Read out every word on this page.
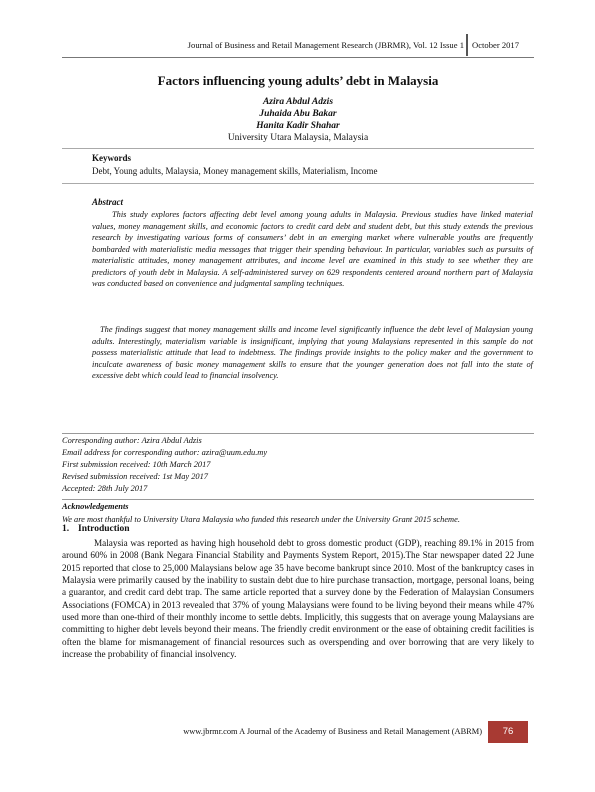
Journal of Business and Retail Management Research (JBRMR), Vol. 12 Issue 1 October 2017
Factors influencing young adults’ debt in Malaysia
Azira Abdul Adzis
Juhaida Abu Bakar
Hanita Kadir Shahar
University Utara Malaysia, Malaysia
Keywords
Debt, Young adults, Malaysia, Money management skills, Materialism, Income
Abstract
This study explores factors affecting debt level among young adults in Malaysia. Previous studies have linked material values, money management skills, and economic factors to credit card debt and student debt, but this study extends the previous research by investigating various forms of consumers’ debt in an emerging market where vulnerable youths are frequently bombarded with materialistic media messages that trigger their spending behaviour. In particular, variables such as pursuits of materialistic attitudes, money management attributes, and income level are examined in this study to see whether they are predictors of youth debt in Malaysia. A self-administered survey on 629 respondents centered around northern part of Malaysia was conducted based on convenience and judgmental sampling techniques.
The findings suggest that money management skills and income level significantly influence the debt level of Malaysian young adults. Interestingly, materialism variable is insignificant, implying that young Malaysians represented in this sample do not possess materialistic attitude that lead to indebtness. The findings provide insights to the policy maker and the government to inculcate awareness of basic money management skills to ensure that the younger generation does not fall into the state of excessive debt which could lead to financial insolvency.
Corresponding author: Azira Abdul Adzis
Email address for corresponding author: azira@uum.edu.my
First submission received: 10th March 2017
Revised submission received: 1st May 2017
Accepted: 28th July 2017
Acknowledgements
We are most thankful to University Utara Malaysia who funded this research under the University Grant 2015 scheme.
1. Introduction
Malaysia was reported as having high household debt to gross domestic product (GDP), reaching 89.1% in 2015 from around 60% in 2008 (Bank Negara Financial Stability and Payments System Report, 2015).The Star newspaper dated 22 June 2015 reported that close to 25,000 Malaysians below age 35 have become bankrupt since 2010. Most of the bankruptcy cases in Malaysia were primarily caused by the inability to sustain debt due to hire purchase transaction, mortgage, personal loans, being a guarantor, and credit card debt trap. The same article reported that a survey done by the Federation of Malaysian Consumers Associations (FOMCA) in 2013 revealed that 37% of young Malaysians were found to be living beyond their means while 47% used more than one-third of their monthly income to settle debts. Implicitly, this suggests that on average young Malaysians are committing to higher debt levels beyond their means. The friendly credit environment or the ease of obtaining credit facilities is often the blame for mismanagement of financial resources such as overspending and over borrowing that are very likely to increase the probability of financial insolvency.
www.jbrmr.com A Journal of the Academy of Business and Retail Management (ABRM)	76
